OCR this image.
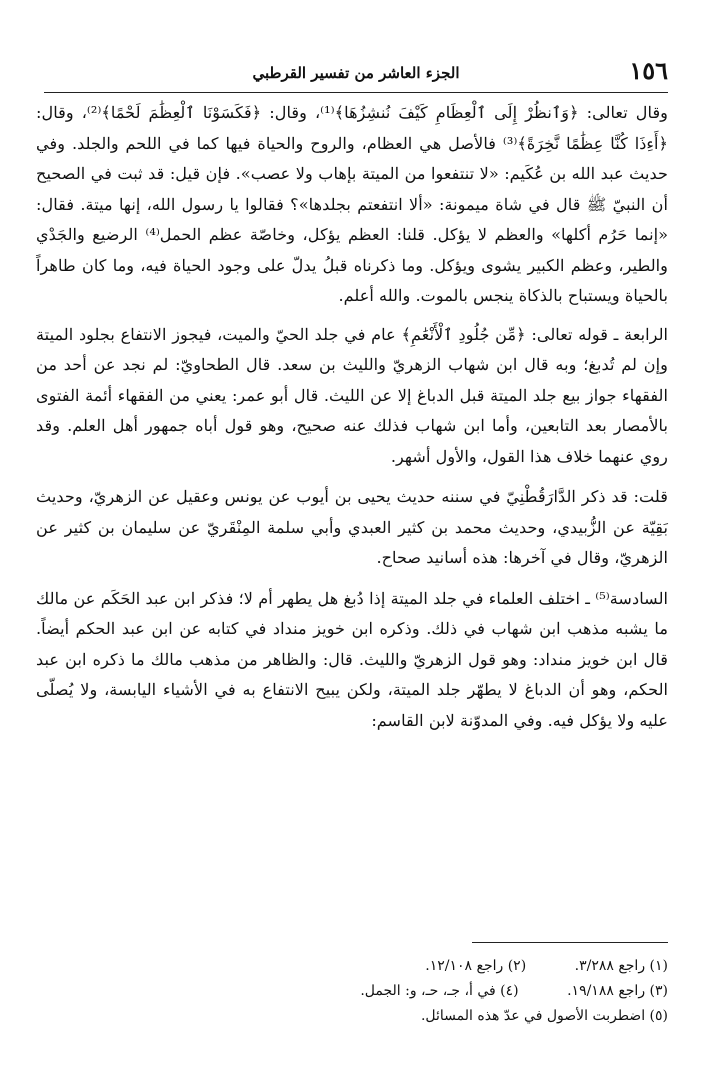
١٥٦
الجزء العاشر من تفسير القرطبي

وقال تعالى: ﴿وَٱنظُرْ إِلَى ٱلْعِظَامِ كَيْفَ نُنشِزُهَا﴾⁽¹⁾، وقال: ﴿فَكَسَوْنَا ٱلْعِظَٰمَ لَحْمًا﴾⁽²⁾، وقال: ﴿أَءِذَا كُنَّا عِظَٰمًا نَّخِرَةً﴾⁽³⁾ فالأصل هي العظام، والروح والحياة فيها كما في اللحم والجلد. وفي حديث عبد الله بن عُكَيم: «لا تنتفعوا من الميتة بإهاب ولا عصب». فإن قيل: قد ثبت في الصحيح أن النبيّ ﷺ قال في شاة ميمونة: «ألا انتفعتم بجلدها»؟ فقالوا يا رسول الله، إنها ميتة. فقال: «إنما حَرُم أكلها» والعظم لا يؤكل. قلنا: العظم يؤكل، وخاصّة عظم الحمل⁽⁴⁾ الرضيع والجَدْي والطير، وعظم الكبير يشوى ويؤكل. وما ذكرناه قبلُ يدلّ على وجود الحياة فيه، وما كان طاهراً بالحياة ويستباح بالذكاة ينجس بالموت. والله أعلم.

الرابعة ـ قوله تعالى: ﴿مِّن جُلُودِ ٱلْأَنْعَٰمِ﴾ عام في جلد الحيّ والميت، فيجوز الانتفاع بجلود الميتة وإن لم تُدبغ؛ وبه قال ابن شهاب الزهريّ والليث بن سعد. قال الطحاويّ: لم نجد عن أحد من الفقهاء جواز بيع جلد الميتة قبل الدباغ إلا عن الليث. قال أبو عمر: يعني من الفقهاء أئمة الفتوى بالأمصار بعد التابعين، وأما ابن شهاب فذلك عنه صحيح، وهو قول أباه جمهور أهل العلم. وقد روي عنهما خلاف هذا القول، والأول أشهر.

قلت: قد ذكر الدَّارَقُطْنِيّ في سننه حديث يحيى بن أيوب عن يونس وعقيل عن الزهريّ، وحديث بَقِيّة عن الزُّبيدي، وحديث محمد بن كثير العبدي وأبي سلمة المِنْقَريّ عن سليمان بن كثير عن الزهريّ، وقال في آخرها: هذه أسانيد صحاح.

السادسة⁽⁵⁾ ـ اختلف العلماء في جلد الميتة إذا دُبغ هل يطهر أم لا؛ فذكر ابن عبد الحَكَم عن مالك ما يشبه مذهب ابن شهاب في ذلك. وذكره ابن خويز منداد في كتابه عن ابن عبد الحكم أيضاً. قال ابن خويز منداد: وهو قول الزهريّ والليث. قال: والظاهر من مذهب مالك ما ذكره ابن عبد الحكم، وهو أن الدباغ لا يطهّر جلد الميتة، ولكن يبيح الانتفاع به في الأشياء اليابسة، ولا يُصلّى عليه ولا يؤكل فيه. وفي المدوّنة لابن القاسم:

(١) راجع ٣/٢٨٨. (٢) راجع ١٢/١٠٨.
(٣) راجع ١٩/١٨٨. (٤) في أ، جـ، حـ، و: الجمل.
(٥) اضطربت الأصول في عدّ هذه المسائل.
